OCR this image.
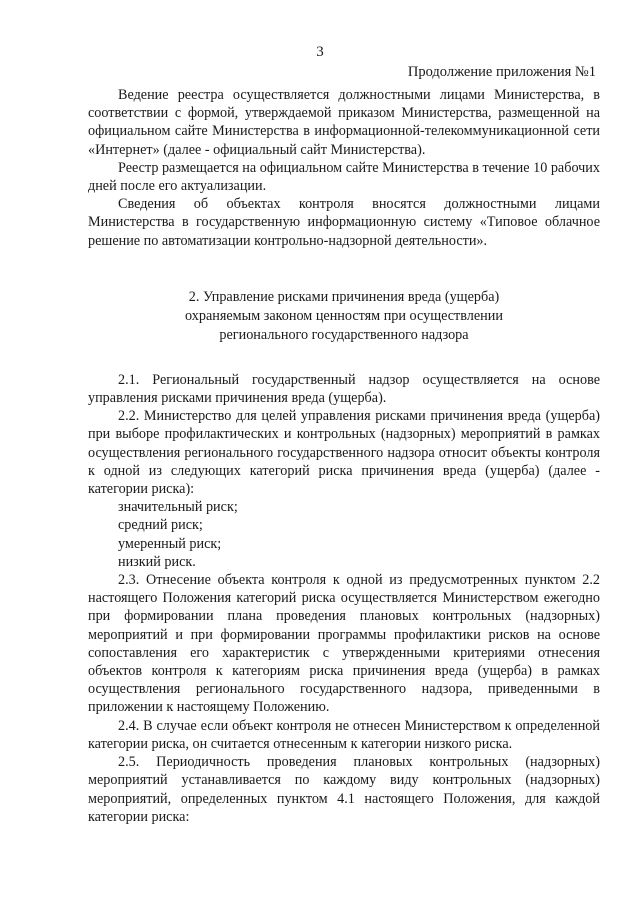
3
Продолжение приложения №1

Ведение реестра осуществляется должностными лицами Министерства, в соответствии с формой, утверждаемой приказом Министерства, размещенной на официальном сайте Министерства в информационной-телекоммуникационной сети «Интернет» (далее - официальный сайт Министерства).

Реестр размещается на официальном сайте Министерства в течение 10 рабочих дней после его актуализации.

Сведения об объектах контроля вносятся должностными лицами Министерства в государственную информационную систему «Типовое облачное решение по автоматизации контрольно-надзорной деятельности».

2. Управление рисками причинения вреда (ущерба)
охраняемым законом ценностям при осуществлении
регионального государственного надзора

2.1. Региональный государственный надзор осуществляется на основе управления рисками причинения вреда (ущерба).

2.2. Министерство для целей управления рисками причинения вреда (ущерба) при выборе профилактических и контрольных (надзорных) мероприятий в рамках осуществления регионального государственного надзора относит объекты контроля к одной из следующих категорий риска причинения вреда (ущерба) (далее - категории риска):

значительный риск;

средний риск;

умеренный риск;

низкий риск.

2.3. Отнесение объекта контроля к одной из предусмотренных пунктом 2.2 настоящего Положения категорий риска осуществляется Министерством ежегодно при формировании плана проведения плановых контрольных (надзорных) мероприятий и при формировании программы профилактики рисков на основе сопоставления его характеристик с утвержденными критериями отнесения объектов контроля к категориям риска причинения вреда (ущерба) в рамках осуществления регионального государственного надзора, приведенными в приложении к настоящему Положению.

2.4. В случае если объект контроля не отнесен Министерством к определенной категории риска, он считается отнесенным к категории низкого риска.

2.5. Периодичность проведения плановых контрольных (надзорных) мероприятий устанавливается по каждому виду контрольных (надзорных) мероприятий, определенных пунктом 4.1 настоящего Положения, для каждой категории риска:
